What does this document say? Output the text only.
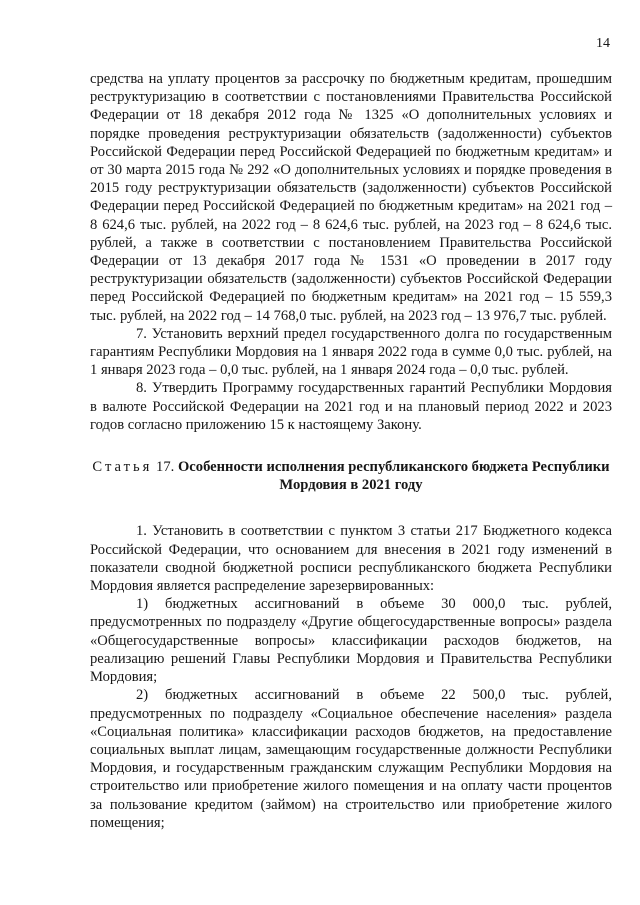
14

средства на уплату процентов за рассрочку по бюджетным кредитам, прошедшим реструктуризацию в соответствии с постановлениями Правительства Российской Федерации от 18 декабря 2012 года № 1325 «О дополнительных условиях и порядке проведения реструктуризации обязательств (задолженности) субъектов Российской Федерации перед Российской Федерацией по бюджетным кредитам» и от 30 марта 2015 года № 292 «О дополнительных условиях и порядке проведения в 2015 году реструктуризации обязательств (задолженности) субъектов Российской Федерации перед Российской Федерацией по бюджетным кредитам» на 2021 год – 8 624,6 тыс. рублей, на 2022 год – 8 624,6 тыс. рублей, на 2023 год – 8 624,6 тыс. рублей, а также в соответствии с постановлением Правительства Российской Федерации от 13 декабря 2017 года № 1531 «О проведении в 2017 году реструктуризации обязательств (задолженности) субъектов Российской Федерации перед Российской Федерацией по бюджетным кредитам» на 2021 год – 15 559,3 тыс. рублей, на 2022 год – 14 768,0 тыс. рублей, на 2023 год – 13 976,7 тыс. рублей.

7. Установить верхний предел государственного долга по государственным гарантиям Республики Мордовия на 1 января 2022 года в сумме 0,0 тыс. рублей, на 1 января 2023 года – 0,0 тыс. рублей, на 1 января 2024 года – 0,0 тыс. рублей.

8. Утвердить Программу государственных гарантий Республики Мордовия в валюте Российской Федерации на 2021 год и на плановый период 2022 и 2023 годов согласно приложению 15 к настоящему Закону.

Статья 17. Особенности исполнения республиканского бюджета Республики Мордовия в 2021 году

1. Установить в соответствии с пунктом 3 статьи 217 Бюджетного кодекса Российской Федерации, что основанием для внесения в 2021 году изменений в показатели сводной бюджетной росписи республиканского бюджета Республики Мордовия является распределение зарезервированных:

1) бюджетных ассигнований в объеме 30 000,0 тыс. рублей, предусмотренных по подразделу «Другие общегосударственные вопросы» раздела «Общегосударственные вопросы» классификации расходов бюджетов, на реализацию решений Главы Республики Мордовия и Правительства Республики Мордовия;

2) бюджетных ассигнований в объеме 22 500,0 тыс. рублей, предусмотренных по подразделу «Социальное обеспечение населения» раздела «Социальная политика» классификации расходов бюджетов, на предоставление социальных выплат лицам, замещающим государственные должности Республики Мордовия, и государственным гражданским служащим Республики Мордовия на строительство или приобретение жилого помещения и на оплату части процентов за пользование кредитом (займом) на строительство или приобретение жилого помещения;
